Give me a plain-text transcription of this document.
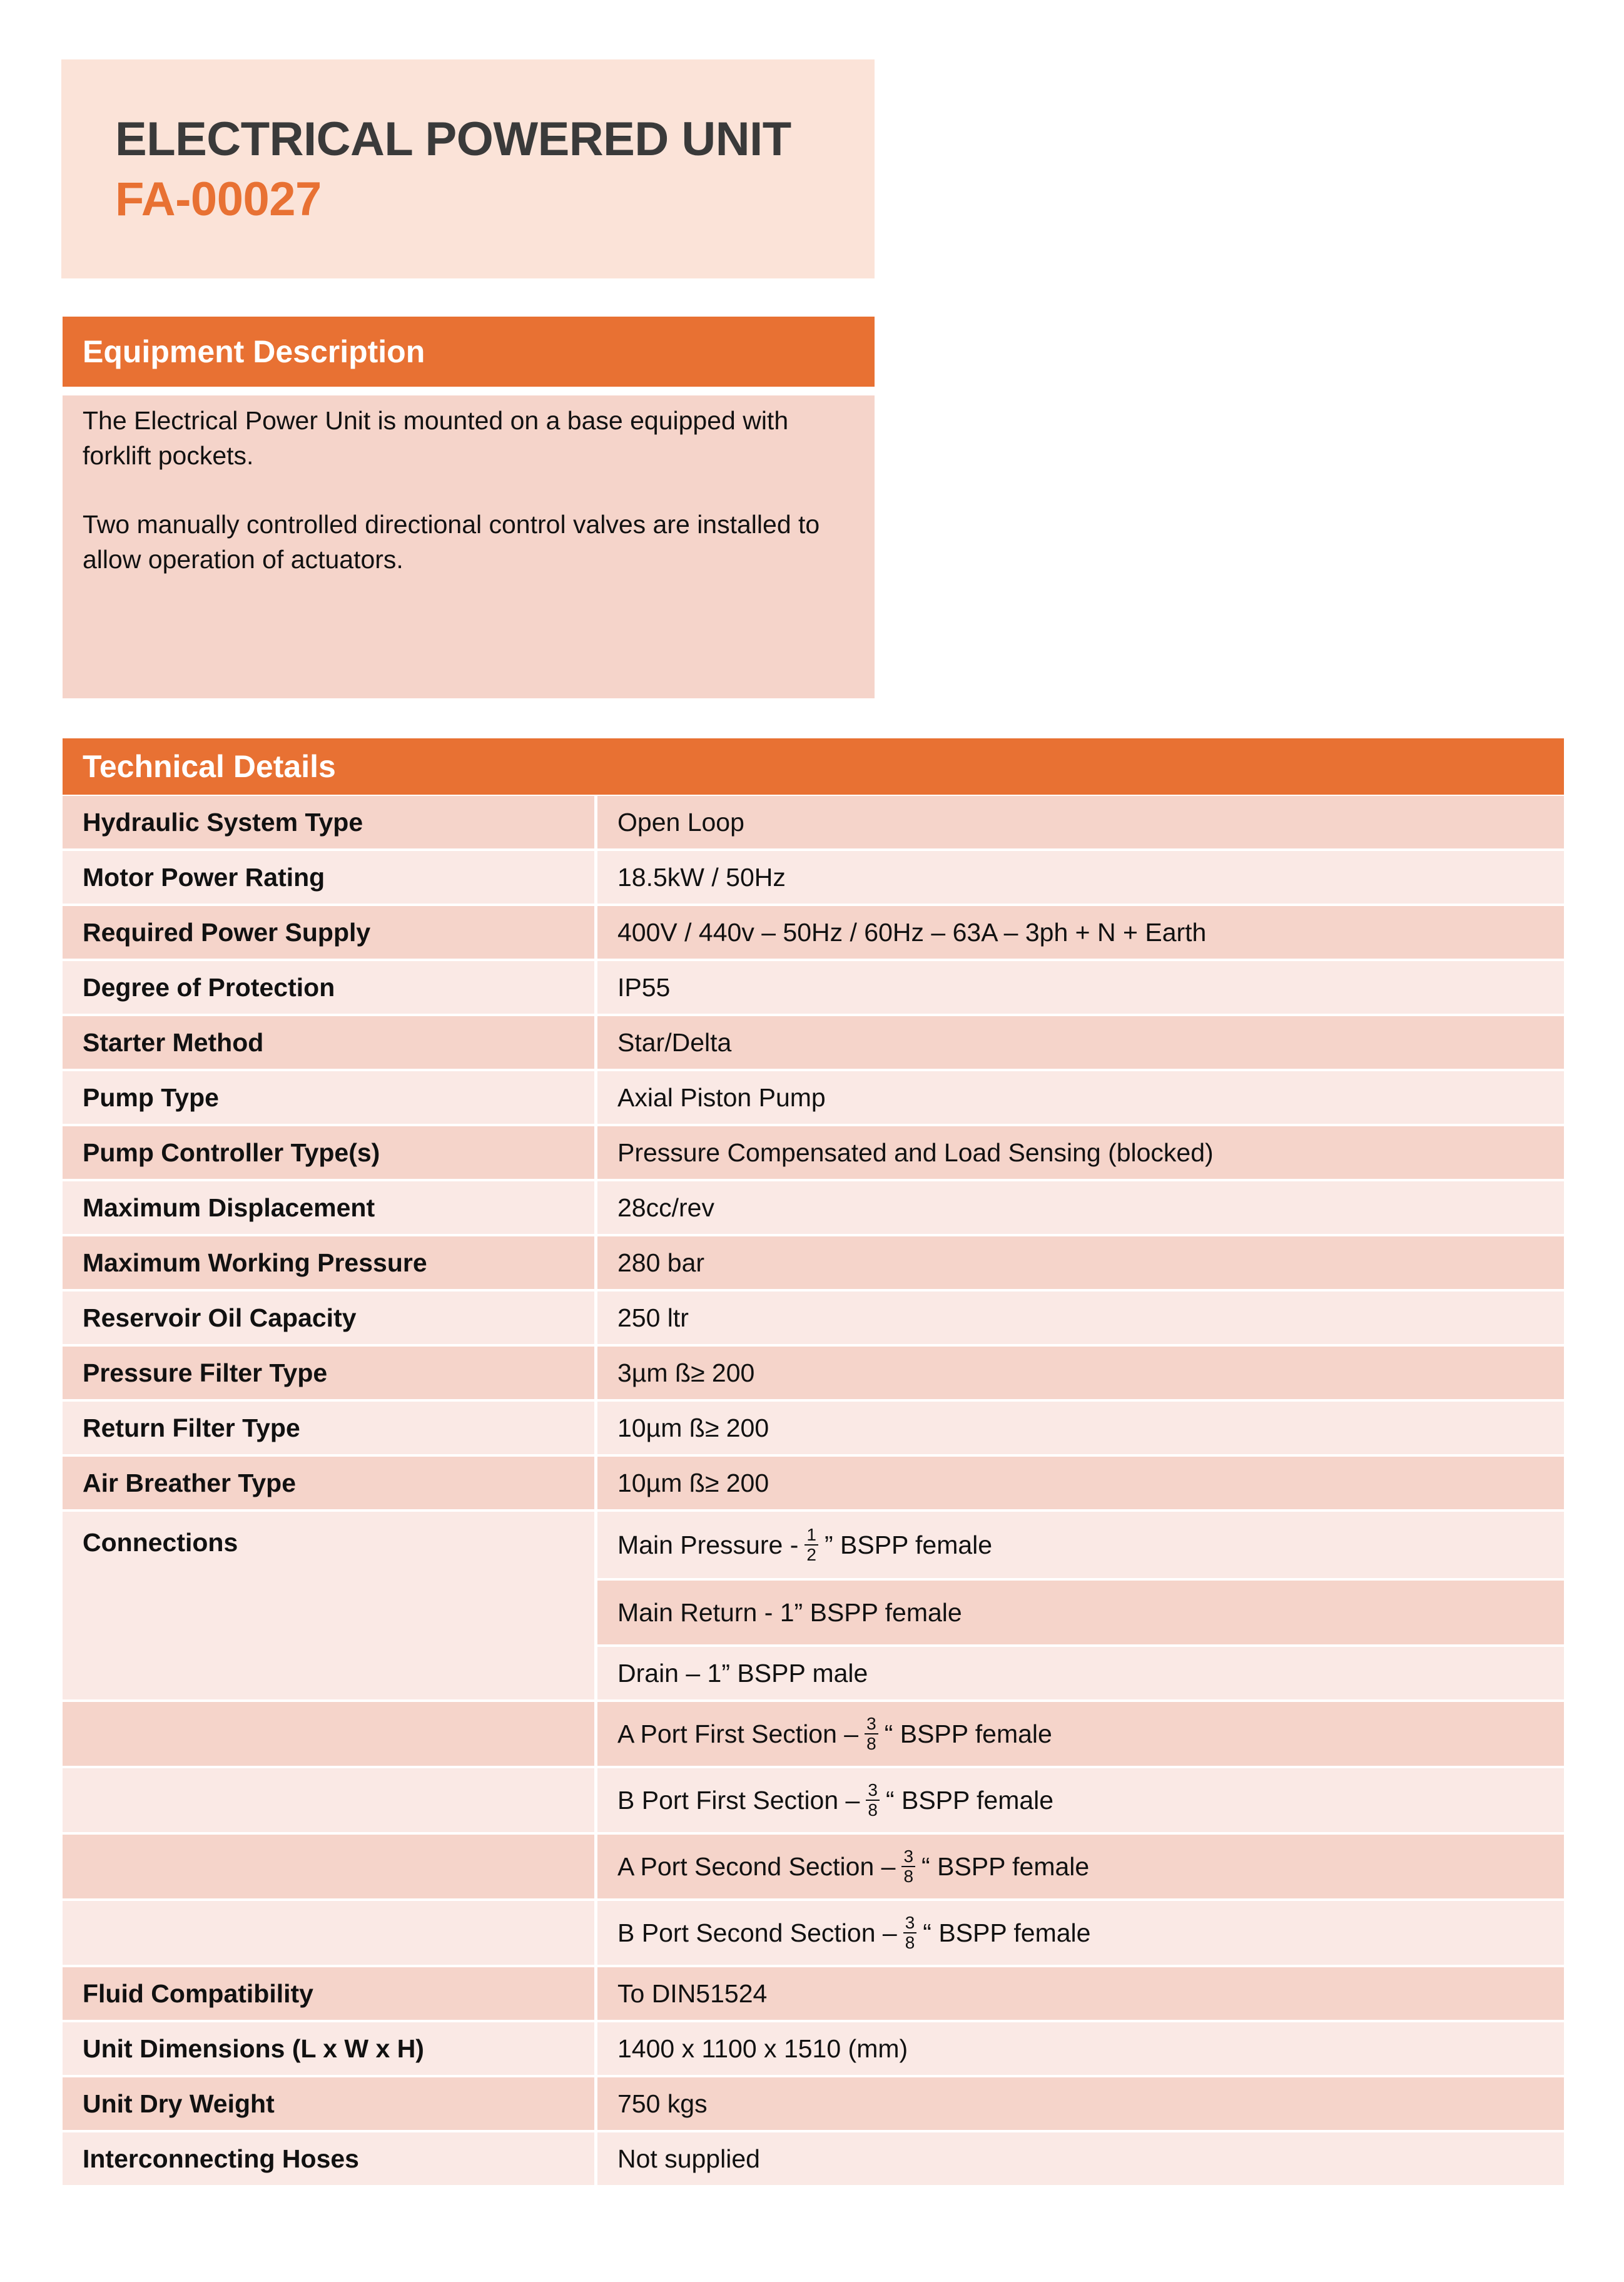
ELECTRICAL POWERED UNIT
FA-00027
Equipment Description

The Electrical Power Unit is mounted on a base equipped with forklift pockets.

Two manually controlled directional control valves are installed to allow operation of actuators.

Technical Details
Hydraulic System Type	Open Loop
Motor Power Rating	18.5kW / 50Hz
Required Power Supply	400V / 440v – 50Hz / 60Hz – 63A – 3ph + N + Earth
Degree of Protection	IP55
Starter Method	Star/Delta
Pump Type	Axial Piston Pump
Pump Controller Type(s)	Pressure Compensated and Load Sensing (blocked)
Maximum Displacement	28cc/rev
Maximum Working Pressure	280 bar
Reservoir Oil Capacity	250 ltr
Pressure Filter Type	3µm ß≥ 200
Return Filter Type	10µm ß≥ 200
Air Breather Type	10µm ß≥ 200
Connections	Main Pressure - $\frac{1}{2}$ ” BSPP female
Main Return - 1” BSPP female
Drain – 1” BSPP male
A Port First Section – $\frac{3}{8}$ “ BSPP female
B Port First Section – $\frac{3}{8}$ “ BSPP female
A Port Second Section – $\frac{3}{8}$ “ BSPP female
B Port Second Section – $\frac{3}{8}$ “ BSPP female
Fluid Compatibility	To DIN51524
Unit Dimensions (L x W x H)	1400 x 1100 x 1510 (mm)
Unit Dry Weight	750 kgs
Interconnecting Hoses	Not supplied
